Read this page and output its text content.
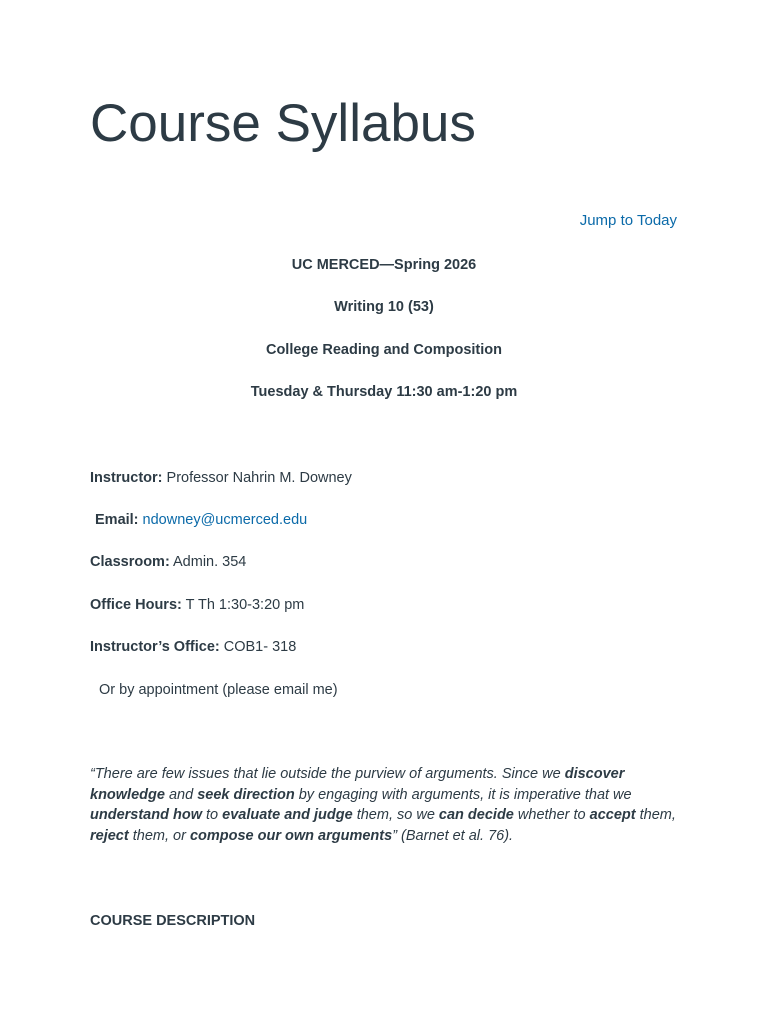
Course Syllabus
Jump to Today
UC MERCED—Spring 2026
Writing 10 (53)
College Reading and Composition
Tuesday & Thursday 11:30 am-1:20 pm
Instructor: Professor Nahrin M. Downey
Email: ndowney@ucmerced.edu
Classroom: Admin. 354
Office Hours: T Th 1:30-3:20 pm
Instructor’s Office: COB1- 318
Or by appointment (please email me)

“There are few issues that lie outside the purview of arguments. Since we discover knowledge and seek direction by engaging with arguments, it is imperative that we understand how to evaluate and judge them, so we can decide whether to accept them, reject them, or compose our own arguments” (Barnet et al. 76).

COURSE DESCRIPTION
